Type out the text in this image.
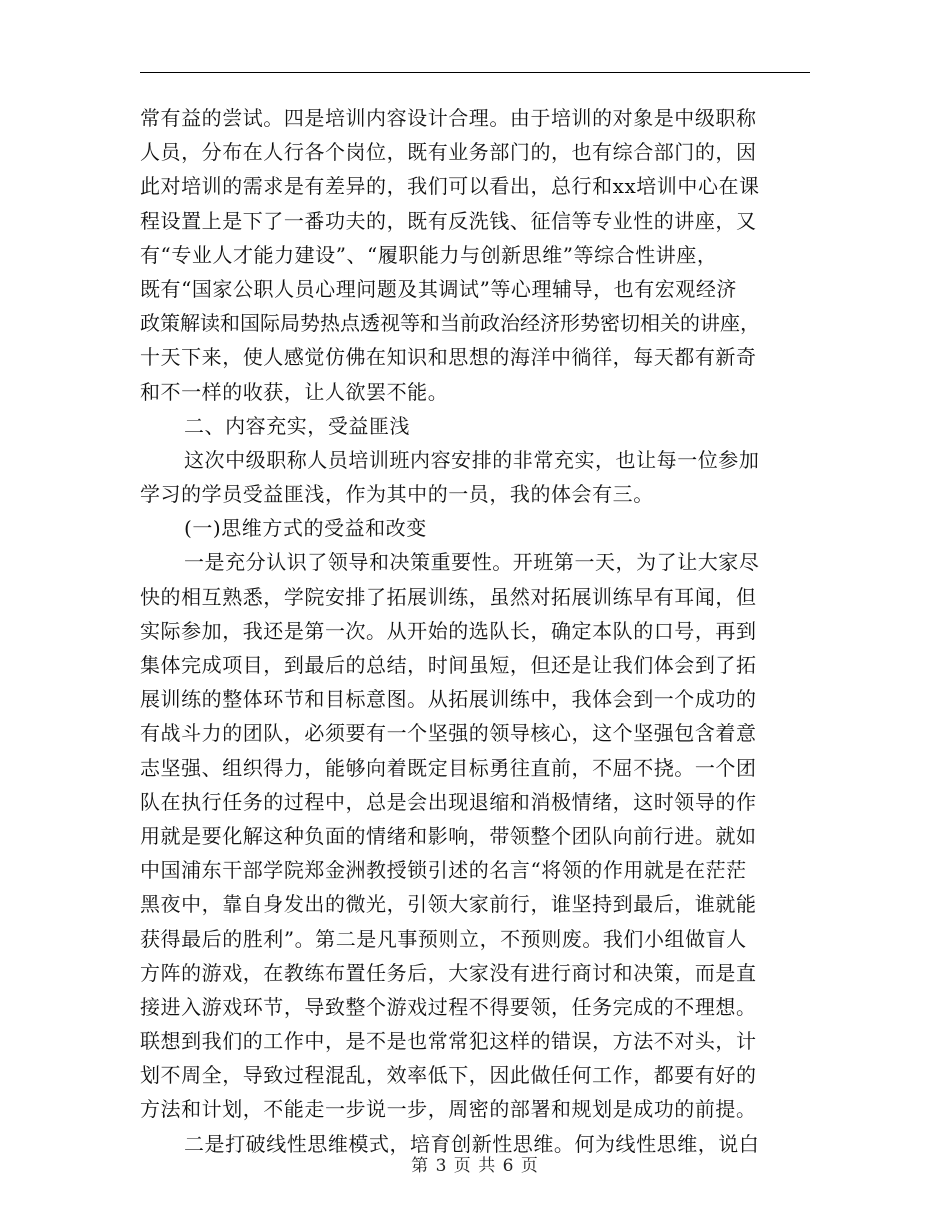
常有益的尝试。四是培训内容设计合理。由于培训的对象是中级职称
人员，分布在人行各个岗位，既有业务部门的，也有综合部门的，因
此对培训的需求是有差异的，我们可以看出，总行和xx培训中心在课
程设置上是下了一番功夫的，既有反洗钱、征信等专业性的讲座，又
有“专业人才能力建设”、“履职能力与创新思维”等综合性讲座，
既有“国家公职人员心理问题及其调试”等心理辅导，也有宏观经济
政策解读和国际局势热点透视等和当前政治经济形势密切相关的讲座，
十天下来，使人感觉仿佛在知识和思想的海洋中徜徉，每天都有新奇
和不一样的收获，让人欲罢不能。
二、内容充实，受益匪浅
这次中级职称人员培训班内容安排的非常充实，也让每一位参加
学习的学员受益匪浅，作为其中的一员，我的体会有三。
(一)思维方式的受益和改变
一是充分认识了领导和决策重要性。开班第一天，为了让大家尽
快的相互熟悉，学院安排了拓展训练，虽然对拓展训练早有耳闻，但
实际参加，我还是第一次。从开始的选队长，确定本队的口号，再到
集体完成项目，到最后的总结，时间虽短，但还是让我们体会到了拓
展训练的整体环节和目标意图。从拓展训练中，我体会到一个成功的
有战斗力的团队，必须要有一个坚强的领导核心，这个坚强包含着意
志坚强、组织得力，能够向着既定目标勇往直前，不屈不挠。一个团
队在执行任务的过程中，总是会出现退缩和消极情绪，这时领导的作
用就是要化解这种负面的情绪和影响，带领整个团队向前行进。就如
中国浦东干部学院郑金洲教授锁引述的名言“将领的作用就是在茫茫
黑夜中，靠自身发出的微光，引领大家前行，谁坚持到最后，谁就能
获得最后的胜利”。第二是凡事预则立，不预则废。我们小组做盲人
方阵的游戏，在教练布置任务后，大家没有进行商讨和决策，而是直
接进入游戏环节，导致整个游戏过程不得要领，任务完成的不理想。
联想到我们的工作中，是不是也常常犯这样的错误，方法不对头，计
划不周全，导致过程混乱，效率低下，因此做任何工作，都要有好的
方法和计划，不能走一步说一步，周密的部署和规划是成功的前提。
二是打破线性思维模式，培育创新性思维。何为线性思维，说白
第 3 页 共 6 页
